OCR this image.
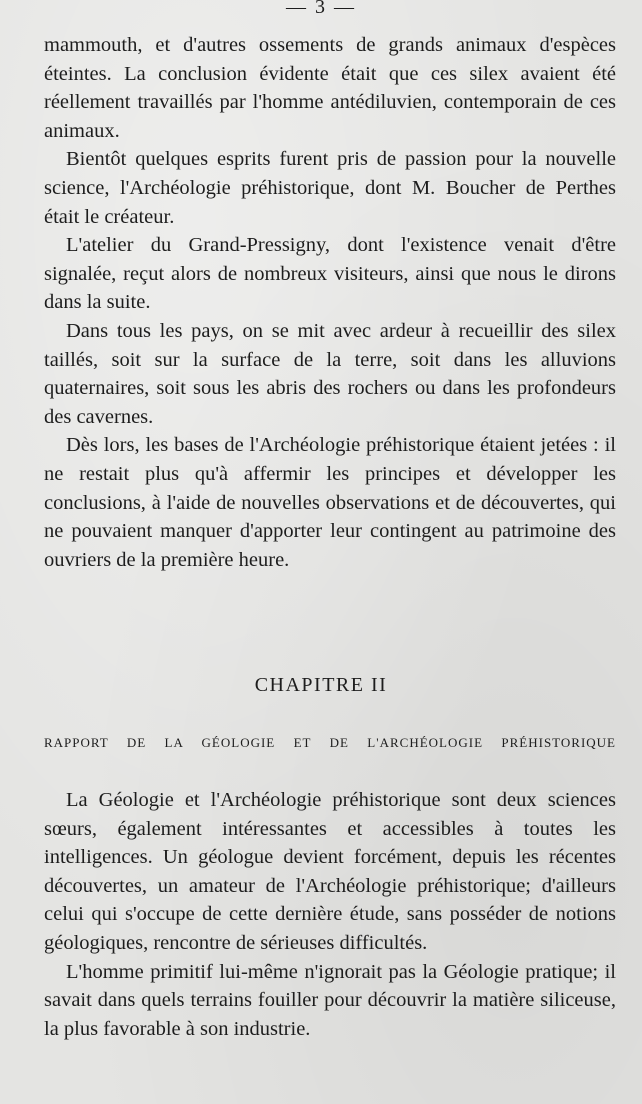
— 3 —

mammouth, et d'autres ossements de grands animaux d'espèces éteintes. La conclusion évidente était que ces silex avaient été réellement travaillés par l'homme antédiluvien, contemporain de ces animaux.

Bientôt quelques esprits furent pris de passion pour la nouvelle science, l'Archéologie préhistorique, dont M. Boucher de Perthes était le créateur.

L'atelier du Grand-Pressigny, dont l'existence venait d'être signalée, reçut alors de nombreux visiteurs, ainsi que nous le dirons dans la suite.

Dans tous les pays, on se mit avec ardeur à recueillir des silex taillés, soit sur la surface de la terre, soit dans les alluvions quaternaires, soit sous les abris des rochers ou dans les profondeurs des cavernes.

Dès lors, les bases de l'Archéologie préhistorique étaient jetées : il ne restait plus qu'à affermir les principes et développer les conclusions, à l'aide de nouvelles observations et de découvertes, qui ne pouvaient manquer d'apporter leur contingent au patrimoine des ouvriers de la première heure.

CHAPITRE II
RAPPORT DE LA GÉOLOGIE ET DE L'ARCHÉOLOGIE PRÉHISTORIQUE

La Géologie et l'Archéologie préhistorique sont deux sciences sœurs, également intéressantes et accessibles à toutes les intelligences. Un géologue devient forcément, depuis les récentes découvertes, un amateur de l'Archéologie préhistorique; d'ailleurs celui qui s'occupe de cette dernière étude, sans posséder de notions géologiques, rencontre de sérieuses difficultés.

L'homme primitif lui-même n'ignorait pas la Géologie pratique; il savait dans quels terrains fouiller pour découvrir la matière siliceuse, la plus favorable à son industrie.
